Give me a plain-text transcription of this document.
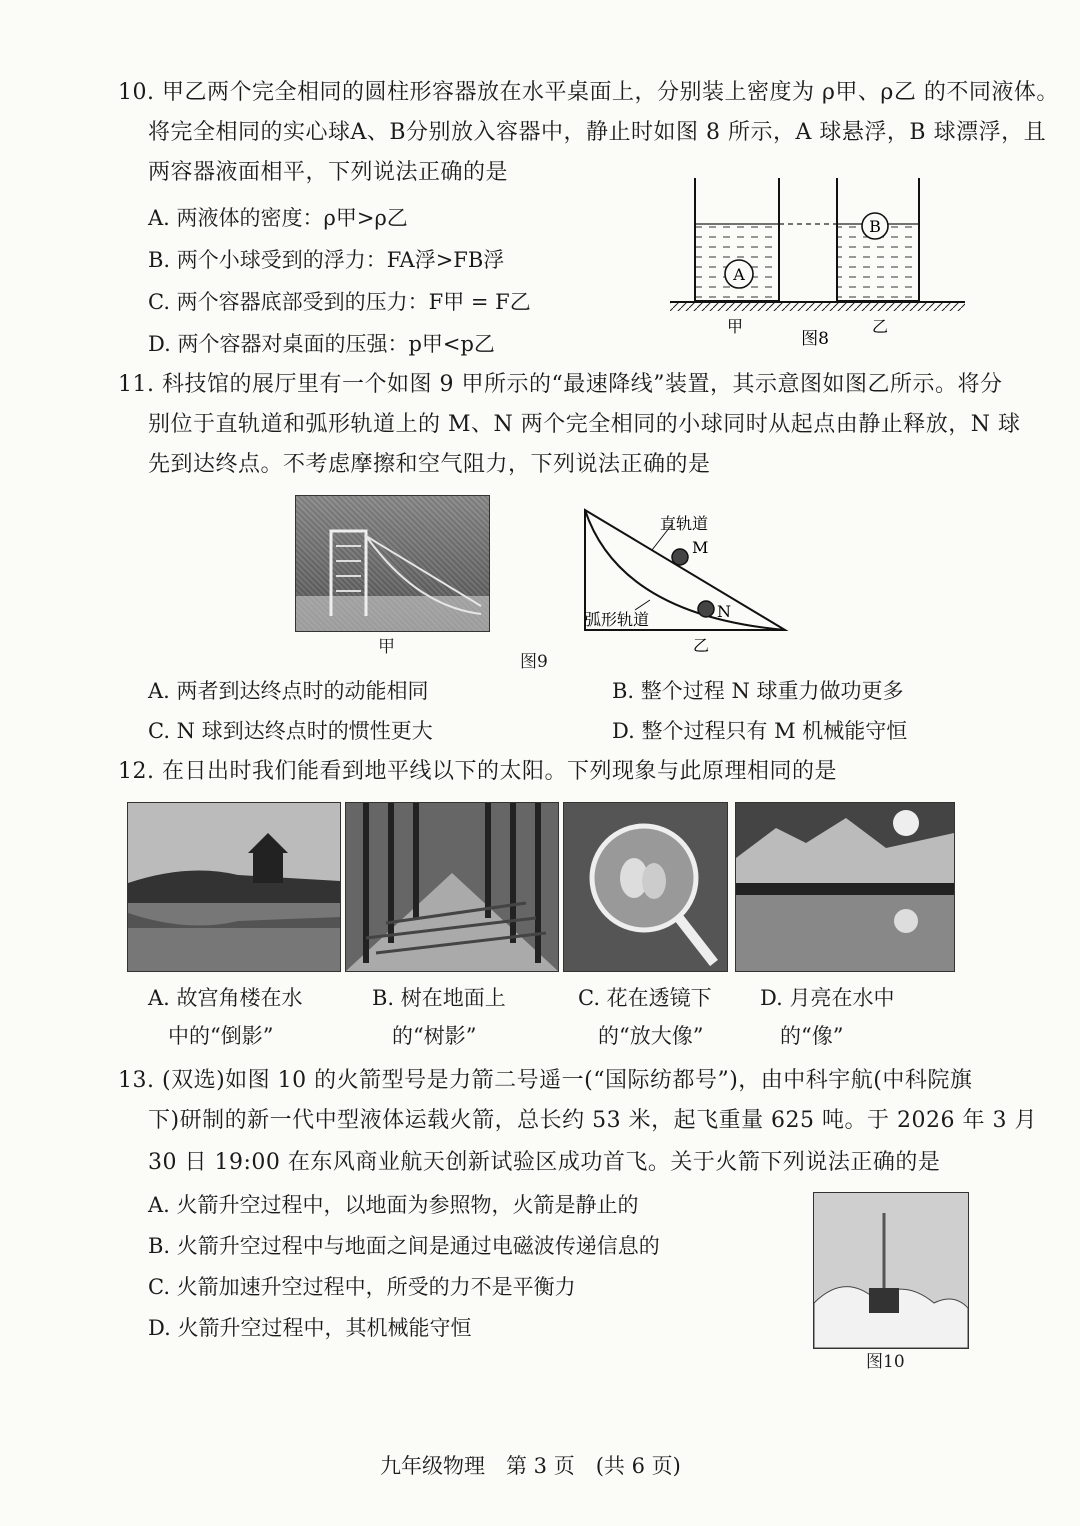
10. 甲乙两个完全相同的圆柱形容器放在水平桌面上，分别装上密度为 ρ甲、ρ乙 的不同液体。
将完全相同的实心球A、B分别放入容器中，静止时如图 8 所示，A 球悬浮，B 球漂浮，且
两容器液面相平，下列说法正确的是
A. 两液体的密度：ρ甲>ρ乙
B. 两个小球受到的浮力：FA浮>FB浮
C. 两个容器底部受到的压力：F甲 = F乙
D. 两个容器对桌面的压强：p甲<p乙
A
B
甲
图8
乙
11. 科技馆的展厅里有一个如图 9 甲所示的“最速降线”装置，其示意图如图乙所示。将分
别位于直轨道和弧形轨道上的 M、N 两个完全相同的小球同时从起点由静止释放，N 球
先到达终点。不考虑摩擦和空气阻力，下列说法正确的是
甲
直轨道
M
N
弧形轨道
乙
图9
A. 两者到达终点时的动能相同	B. 整个过程 N 球重力做功更多
C. N 球到达终点时的惯性更大	D. 整个过程只有 M 机械能守恒
12. 在日出时我们能看到地平线以下的太阳。下列现象与此原理相同的是
A. 故宫角楼在水
中的“倒影”
B. 树在地面上
的“树影”
C. 花在透镜下
的“放大像”
D. 月亮在水中
的“像”
13. (双选)如图 10 的火箭型号是力箭二号遥一(“国际纺都号”)，由中科宇航(中科院旗
下)研制的新一代中型液体运载火箭，总长约 53 米，起飞重量 625 吨。于 2026 年 3 月
30 日 19:00 在东风商业航天创新试验区成功首飞。关于火箭下列说法正确的是
A. 火箭升空过程中，以地面为参照物，火箭是静止的
B. 火箭升空过程中与地面之间是通过电磁波传递信息的
C. 火箭加速升空过程中，所受的力不是平衡力
D. 火箭升空过程中，其机械能守恒
图10
九年级物理　第 3 页　(共 6 页)
